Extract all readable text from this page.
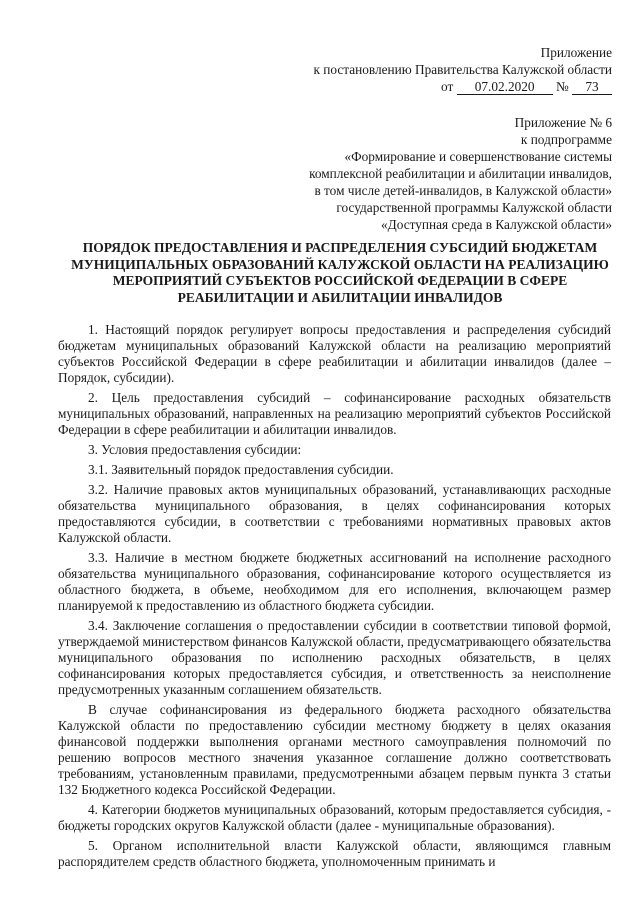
Приложение
к постановлению Правительства Калужской области
от 07.02.2020 № 73
Приложение № 6
к подпрограмме
«Формирование и совершенствование системы
комплексной реабилитации и абилитации инвалидов,
в том числе детей-инвалидов, в Калужской области»
государственной программы Калужской области
«Доступная среда в Калужской области»
ПОРЯДОК ПРЕДОСТАВЛЕНИЯ И РАСПРЕДЕЛЕНИЯ СУБСИДИЙ БЮДЖЕТАМ МУНИЦИПАЛЬНЫХ ОБРАЗОВАНИЙ КАЛУЖСКОЙ ОБЛАСТИ НА РЕАЛИЗАЦИЮ МЕРОПРИЯТИЙ СУБЪЕКТОВ РОССИЙСКОЙ ФЕДЕРАЦИИ В СФЕРЕ РЕАБИЛИТАЦИИ И АБИЛИТАЦИИ ИНВАЛИДОВ

1. Настоящий порядок регулирует вопросы предоставления и распределения субсидий бюджетам муниципальных образований Калужской области на реализацию мероприятий субъектов Российской Федерации в сфере реабилитации и абилитации инвалидов (далее – Порядок, субсидии).

2. Цель предоставления субсидий – софинансирование расходных обязательств муниципальных образований, направленных на реализацию мероприятий субъектов Российской Федерации в сфере реабилитации и абилитации инвалидов.

3. Условия предоставления субсидии:

3.1. Заявительный порядок предоставления субсидии.

3.2. Наличие правовых актов муниципальных образований, устанавливающих расходные обязательства муниципального образования, в целях софинансирования которых предоставляются субсидии, в соответствии с требованиями нормативных правовых актов Калужской области.

3.3. Наличие в местном бюджете бюджетных ассигнований на исполнение расходного обязательства муниципального образования, софинансирование которого осуществляется из областного бюджета, в объеме, необходимом для его исполнения, включающем размер планируемой к предоставлению из областного бюджета субсидии.

3.4. Заключение соглашения о предоставлении субсидии в соответствии типовой формой, утверждаемой министерством финансов Калужской области, предусматривающего обязательства муниципального образования по исполнению расходных обязательств, в целях софинансирования которых предоставляется субсидия, и ответственность за неисполнение предусмотренных указанным соглашением обязательств.

В случае софинансирования из федерального бюджета расходного обязательства Калужской области по предоставлению субсидии местному бюджету в целях оказания финансовой поддержки выполнения органами местного самоуправления полномочий по решению вопросов местного значения указанное соглашение должно соответствовать требованиям, установленным правилами, предусмотренными абзацем первым пункта 3 статьи 132 Бюджетного кодекса Российской Федерации.

4. Категории бюджетов муниципальных образований, которым предоставляется субсидия, - бюджеты городских округов Калужской области (далее - муниципальные образования).

5. Органом исполнительной власти Калужской области, являющимся главным распорядителем средств областного бюджета, уполномоченным принимать и
